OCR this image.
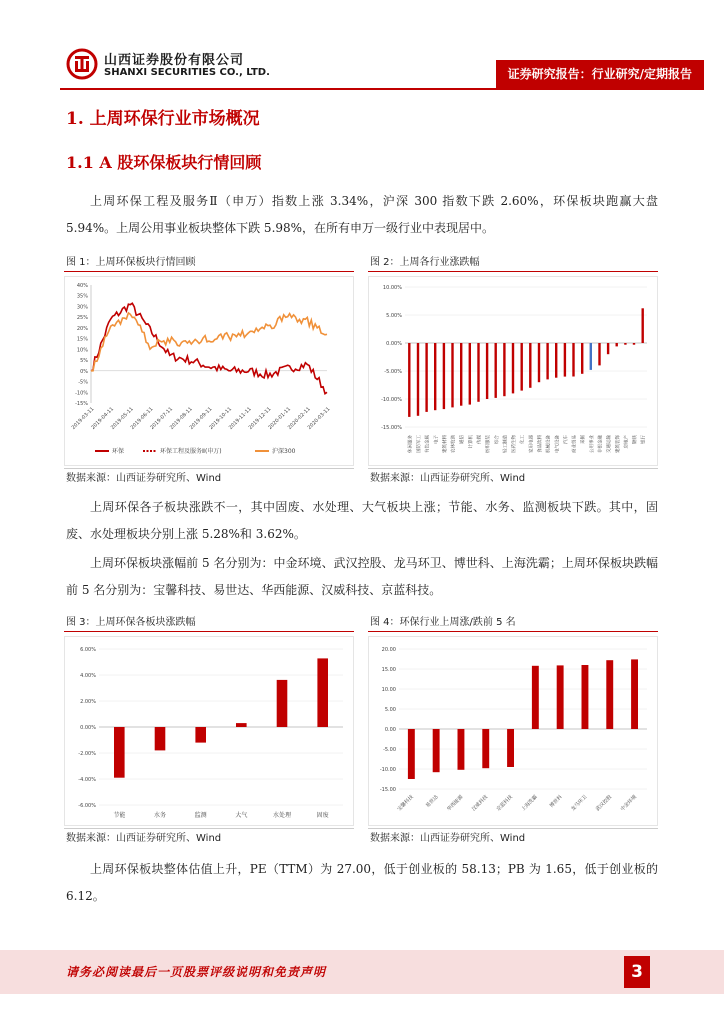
山西证券股份有限公司
SHANXI SECURITIES CO., LTD.	证券研究报告：行业研究/定期报告
1. 上周环保行业市场概况
1.1 A 股环保板块行情回顾

上周环保工程及服务Ⅱ（申万）指数上涨 3.34%，沪深 300 指数下跌 2.60%，环保板块跑赢大盘 5.94%。上周公用事业板块整体下跌 5.98%，在所有申万一级行业中表现居中。

图 1：上周环保板块行情回顾
40%
35%
30%
25%
20%
15%
10%
5%
0%
-5%
-10%
-15%
2019-03-11
2019-04-11
2019-05-11
2019-06-11
2019-07-11
2019-08-11
2019-09-11
2019-10-11
2019-11-11
2019-12-11
2020-01-11
2020-02-11
2020-03-11
环保	环保工程及服务Ⅱ(申万)	沪深300
数据来源：山西证券研究所、Wind
图 2：上周各行业涨跌幅
10.00%
5.00%
0.00%
-5.00%
-10.00%
-15.00%
休闲服务 国防军工 有色金属 电子 建筑材料 农林牧渔 通信 计算机 传媒 纺织服装 综合 轻工制造 医药生物 化工 家用电器 食品饮料 机械设备 电气设备 汽车 商业贸易 采掘 公用事业 非银金融 交通运输 建筑装饰 房地产 钢铁 银行
数据来源：山西证券研究所、Wind

上周环保各子板块涨跌不一，其中固废、水处理、大气板块上涨；节能、水务、监测板块下跌。其中，固废、水处理板块分别上涨 5.28%和 3.62%。

上周环保板块涨幅前 5 名分别为：中金环境、武汉控股、龙马环卫、博世科、上海洗霸；上周环保板块跌幅前 5 名分别为：宝馨科技、易世达、华西能源、汉威科技、京蓝科技。

图 3：上周环保各板块涨跌幅
6.00%
4.00%
2.00%
0.00%
-2.00%
-4.00%
-6.00%
节能	水务	监测	大气	水处理	固废
数据来源：山西证券研究所、Wind
图 4：环保行业上周涨/跌前 5 名
20.00
15.00
10.00
5.00
0.00
-5.00
-10.00
-15.00
宝馨科技 易世达 华西能源 汉威科技 京蓝科技 上海洗霸 博世科 龙马环卫 武汉控股 中金环境
数据来源：山西证券研究所、Wind

上周环保板块整体估值上升，PE（TTM）为 27.00，低于创业板的 58.13；PB 为 1.65，低于创业板的 6.12。

请务必阅读最后一页股票评级说明和免责声明	3
